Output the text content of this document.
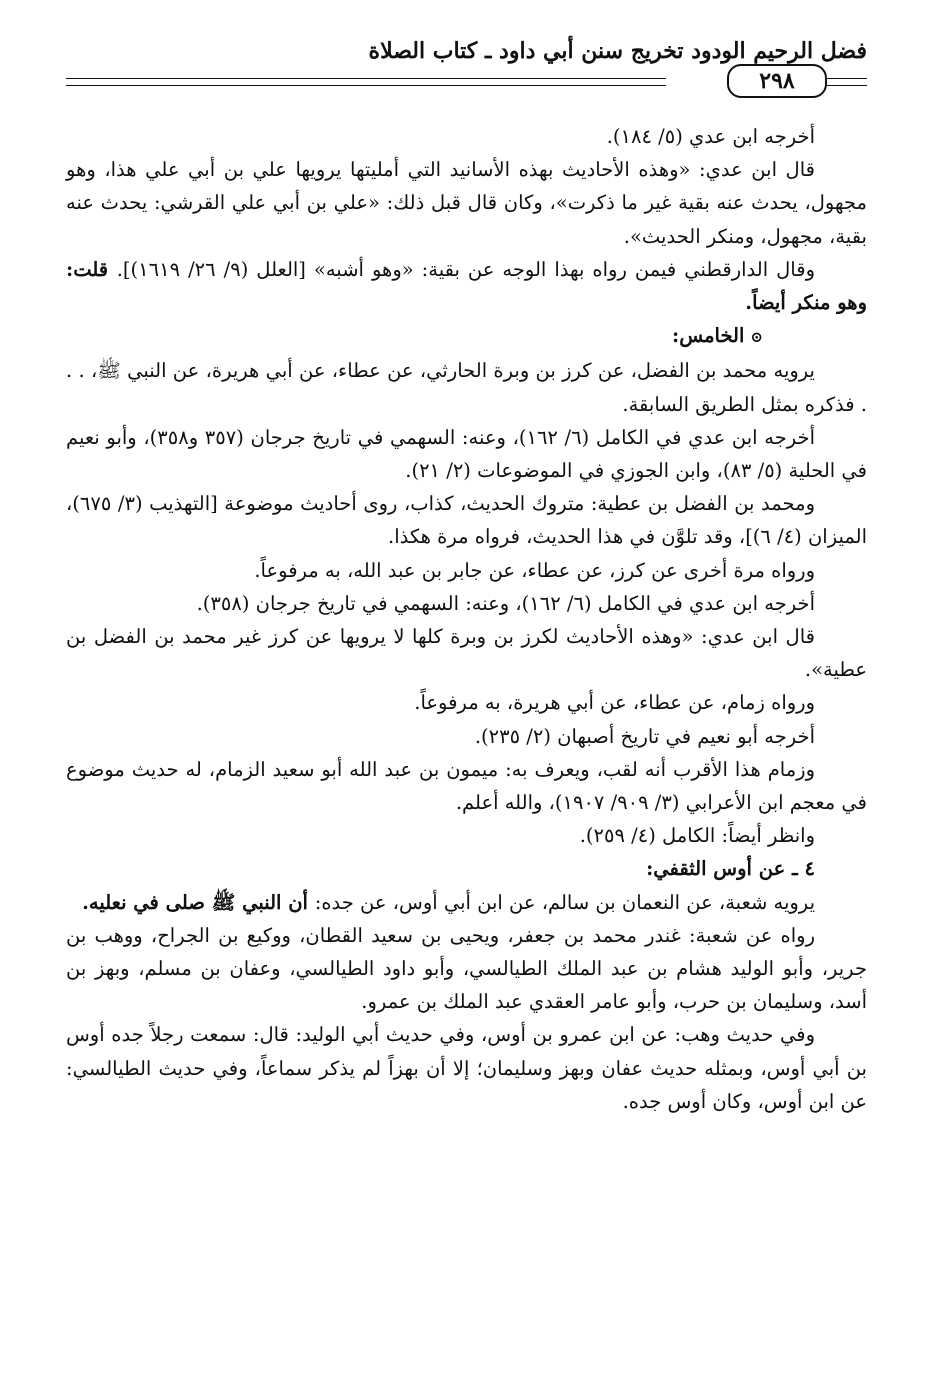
فضل الرحيم الودود تخريج سنن أبي داود ـ كتاب الصلاة
٢٩٨

أخرجه ابن عدي (٥/ ١٨٤).

قال ابن عدي: «وهذه الأحاديث بهذه الأسانيد التي أمليتها يرويها علي بن أبي علي هذا، وهو مجهول، يحدث عنه بقية غير ما ذكرت»، وكان قال قبل ذلك: «علي بن أبي علي القرشي: يحدث عنه بقية، مجهول، ومنكر الحديث».

وقال الدارقطني فيمن رواه بهذا الوجه عن بقية: «وهو أشبه» [العلل (٩/ ٢٦/ ١٦١٩)]. قلت: وهو منكر أيضاً.

⊙الخامس:

يرويه محمد بن الفضل، عن كرز بن وبرة الحارثي، عن عطاء، عن أبي هريرة، عن النبي ﷺ، . . . فذكره بمثل الطريق السابقة.

أخرجه ابن عدي في الكامل (٦/ ١٦٢)، وعنه: السهمي في تاريخ جرجان (٣٥٧ و٣٥٨)، وأبو نعيم في الحلية (٥/ ٨٣)، وابن الجوزي في الموضوعات (٢/ ٢١).

ومحمد بن الفضل بن عطية: متروك الحديث، كذاب، روى أحاديث موضوعة [التهذيب (٣/ ٦٧٥)، الميزان (٤/ ٦)]، وقد تلوَّن في هذا الحديث، فرواه مرة هكذا.

ورواه مرة أخرى عن كرز، عن عطاء، عن جابر بن عبد الله، به مرفوعاً.

أخرجه ابن عدي في الكامل (٦/ ١٦٢)، وعنه: السهمي في تاريخ جرجان (٣٥٨).

قال ابن عدي: «وهذه الأحاديث لكرز بن وبرة كلها لا يرويها عن كرز غير محمد بن الفضل بن عطية».

ورواه زمام، عن عطاء، عن أبي هريرة، به مرفوعاً.

أخرجه أبو نعيم في تاريخ أصبهان (٢/ ٢٣٥).

وزمام هذا الأقرب أنه لقب، ويعرف به: ميمون بن عبد الله أبو سعيد الزمام، له حديث موضوع في معجم ابن الأعرابي (٣/ ٩٠٩/ ١٩٠٧)، والله أعلم.

وانظر أيضاً: الكامل (٤/ ٢٥٩).

٤ ـ عن أوس الثقفي:

يرويه شعبة، عن النعمان بن سالم، عن ابن أبي أوس، عن جده: أن النبي ﷺ صلى في نعليه.

رواه عن شعبة: غندر محمد بن جعفر، ويحيى بن سعيد القطان، ووكيع بن الجراح، ووهب بن جرير، وأبو الوليد هشام بن عبد الملك الطيالسي، وأبو داود الطيالسي، وعفان بن مسلم، وبهز بن أسد، وسليمان بن حرب، وأبو عامر العقدي عبد الملك بن عمرو.

وفي حديث وهب: عن ابن عمرو بن أوس، وفي حديث أبي الوليد: قال: سمعت رجلاً جده أوس بن أبي أوس، وبمثله حديث عفان وبهز وسليمان؛ إلا أن بهزاً لم يذكر سماعاً، وفي حديث الطيالسي: عن ابن أوس، وكان أوس جده.
